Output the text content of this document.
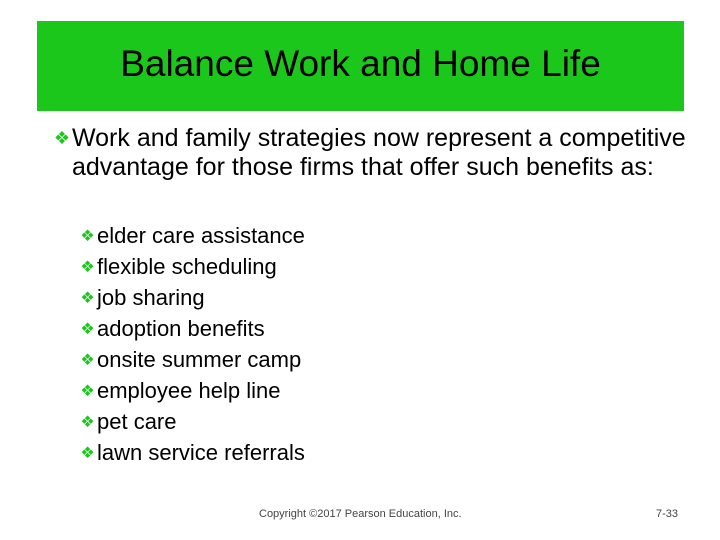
Balance Work and Home Life
❖ Work and family strategies now represent a competitive advantage for those firms that offer such benefits as:
❖ elder care assistance
❖ flexible scheduling
❖ job sharing
❖ adoption benefits
❖ onsite summer camp
❖ employee help line
❖ pet care
❖ lawn service referrals
Copyright ©2017 Pearson Education, Inc.	7-33
